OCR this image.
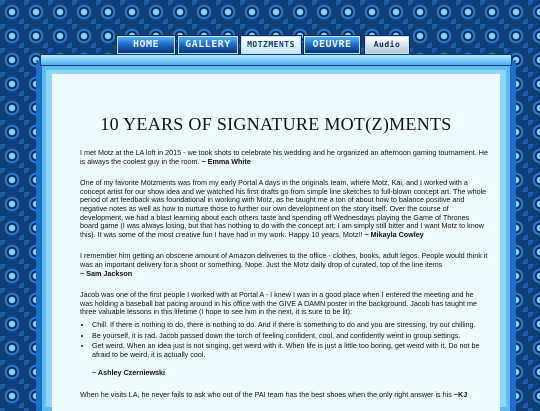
HOME	GALLERY	MOTZMENTS	OEUVRE	Audio
10 YEARS OF SIGNATURE MOT(Z)MENTS

I met Motz at the LA loft in 2015 - we took shots to celebrate his wedding and he organized an afternoon gaming tournament. He is always the coolest guy in the room. ~ Emma White

One of my favorite Motzments was from my early Portal A days in the originals team, where Motz, Kai, and I worked with a concept artist for our show idea and we watched his first drafts go from simple line sketches to full-blown concept art. The whole period of art feedback was foundational in working with Motz, as he taught me a ton of about how to balance positive and negative notes as well as how to nurture those to further our own development on the story itself. Over the course of development, we had a blast learning about each others taste and spending off Wednesdays playing the Game of Thrones board game (I was always losing, but that has nothing to do with the concept art; I am simply still bitter and I want Motz to know this). It was some of the most creative fun I have had in my work. Happy 10 years, Motz!! ~ Mikayla Cowley

I remember him getting an obscene amount of Amazon deliveries to the office - clothes, books, adult legos. People would think it was an important delivery for a shoot or something. Nope. Just the Motz daily drop of curated, top of the line items
~ Sam Jackson

Jacob was one of the first people I worked with at Portal A - I knew I was in a good place when I entered the meeting and he was holding a baseball bat pacing around in his office with the GIVE A DAMN poster in the background. Jacob has taught me three valuable lessons in this lifetime (I hope to see him in the next, it is sure to be lit):

• Chill. If there is nothing to do, there is nothing to do. And if there is something to do and you are stressing, try out chilling.
• Be yourself, it is rad. Jacob passed down the torch of feeling confident, cool, and confidently weird in group settings.
• Get weird. When an idea just is not singing, get weird with it. When life is just a little too boring, get weird with it. Do not be afraid to be weird, it is actually cool.
~ Ashley Czerniewski

When he visits LA, he never fails to ask who out of the PAI team has the best shoes when the only right answer is his ~KJ
